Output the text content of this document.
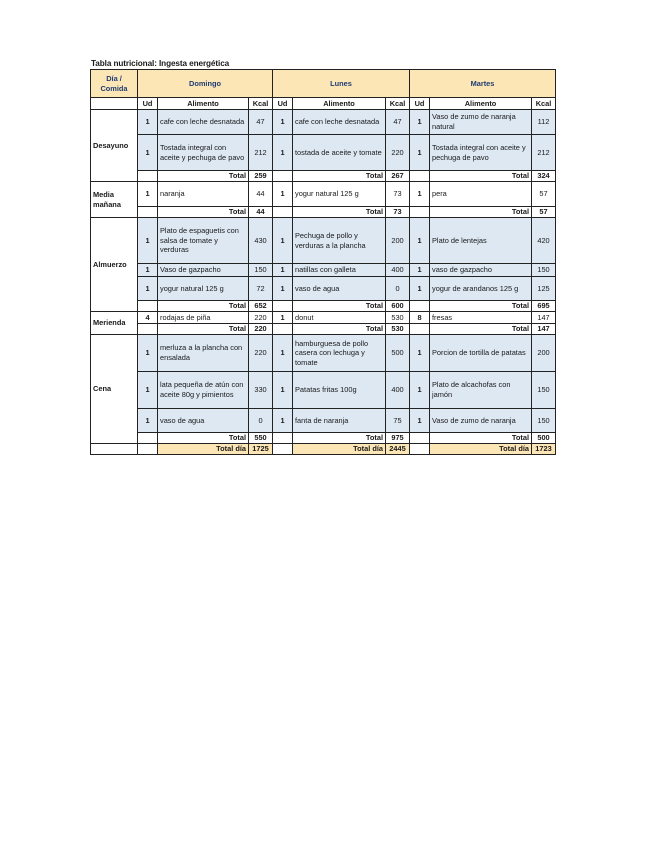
Tabla nutricional: Ingesta energética
Día / Comida	Domingo			Lunes			Martes		
	Ud	Alimento	Kcal	Ud	Alimento	Kcal	Ud	Alimento	Kcal
Desayuno	1	cafe con leche desnatada	47	1	cafe con leche desnatada	47	1	Vaso de zumo de naranja natural	112
	1	Tostada integral con aceite y pechuga de pavo	212	1	tostada de aceite y tomate	220	1	Tostada integral con aceite y pechuga de pavo	212
		Total	259		Total	267		Total	324
Media mañana	1	naranja	44	1	yogur natural 125 g	73	1	pera	57
		Total	44		Total	73		Total	57
Almuerzo	1	Plato de espaguetis con salsa de tomate y verduras	430	1	Pechuga de pollo y verduras a la plancha	200	1	Plato de lentejas	420
	1	Vaso de gazpacho	150	1	natillas con galleta	400	1	vaso de gazpacho	150
	1	yogur natural 125 g	72	1	vaso de agua	0	1	yogur de arandanos 125 g	125
		Total	652		Total	600		Total	695
Merienda	4	rodajas de piña	220	1	donut	530	8	fresas	147
		Total	220		Total	530		Total	147
Cena	1	merluza a la plancha con ensalada	220	1	hamburguesa de pollo casera con lechuga y tomate	500	1	Porcion de tortilla de patatas	200
	1	lata pequeña de atún con aceite 80g y pimientos	330	1	Patatas fritas 100g	400	1	Plato de alcachofas con jamón	150
	1	vaso de agua	0	1	fanta de naranja	75	1	Vaso de zumo de naranja	150
		Total	550		Total	975		Total	500
		Total día	1725		Total día	2445		Total día	1723
